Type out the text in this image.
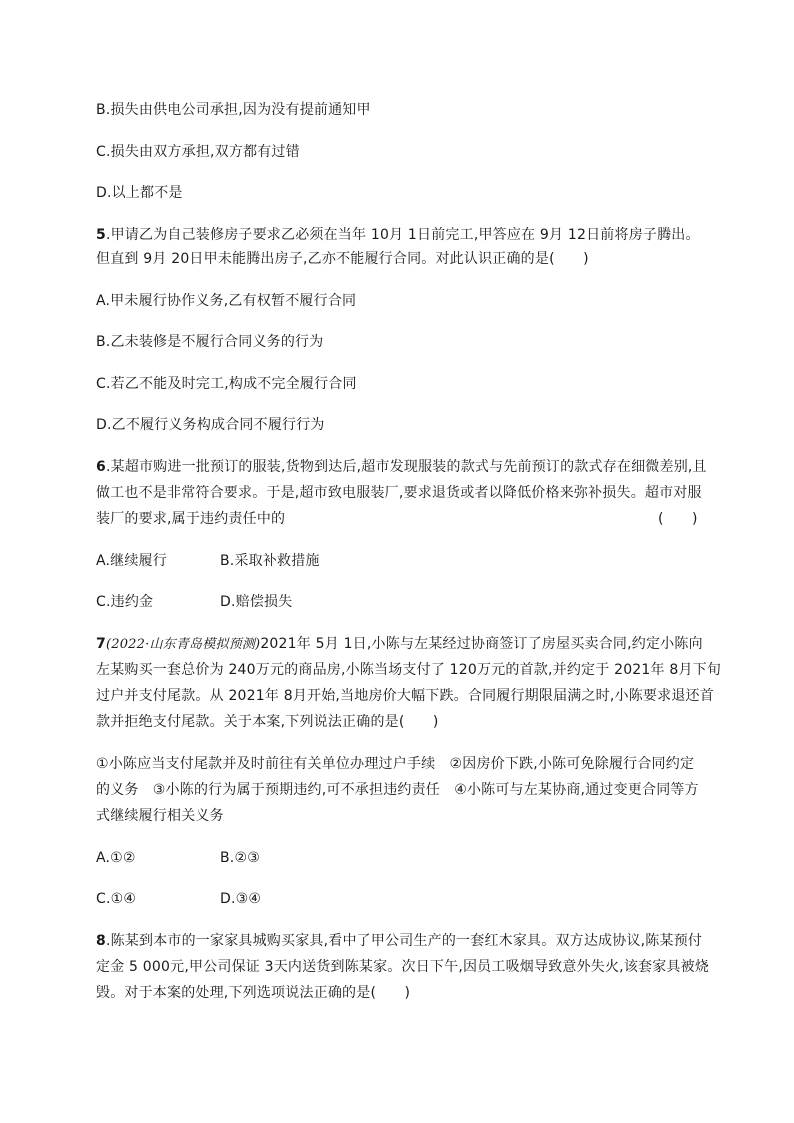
B.损失由供电公司承担,因为没有提前通知甲
C.损失由双方承担,双方都有过错
D.以上都不是
5.甲请乙为自己装修房子要求乙必须在当年 10月 1日前完工,甲答应在 9月 12日前将房子腾出。
但直到 9月 20日甲未能腾出房子,乙亦不能履行合同。对此认识正确的是(　　)
A.甲未履行协作义务,乙有权暂不履行合同
B.乙未装修是不履行合同义务的行为
C.若乙不能及时完工,构成不完全履行合同
D.乙不履行义务构成合同不履行行为
6.某超市购进一批预订的服装,货物到达后,超市发现服装的款式与先前预订的款式存在细微差别,且
做工也不是非常符合要求。于是,超市致电服装厂,要求退货或者以降低价格来弥补损失。超市对服
装厂的要求,属于违约责任中的	(　　)
A.继续履行	B.采取补救措施
C.违约金	D.赔偿损失
7(2022·山东青岛模拟预测)2021年 5月 1日,小陈与左某经过协商签订了房屋买卖合同,约定小陈向
左某购买一套总价为 240万元的商品房,小陈当场支付了 120万元的首款,并约定于 2021年 8月下旬
过户并支付尾款。从 2021年 8月开始,当地房价大幅下跌。合同履行期限届满之时,小陈要求退还首
款并拒绝支付尾款。关于本案,下列说法正确的是(　　)
①小陈应当支付尾款并及时前往有关单位办理过户手续　②因房价下跌,小陈可免除履行合同约定
的义务　③小陈的行为属于预期违约,可不承担违约责任　④小陈可与左某协商,通过变更合同等方
式继续履行相关义务
A.①②	B.②③
C.①④	D.③④
8.陈某到本市的一家家具城购买家具,看中了甲公司生产的一套红木家具。双方达成协议,陈某预付
定金 5 000元,甲公司保证 3天内送货到陈某家。次日下午,因员工吸烟导致意外失火,该套家具被烧
毁。对于本案的处理,下列选项说法正确的是(　　)
